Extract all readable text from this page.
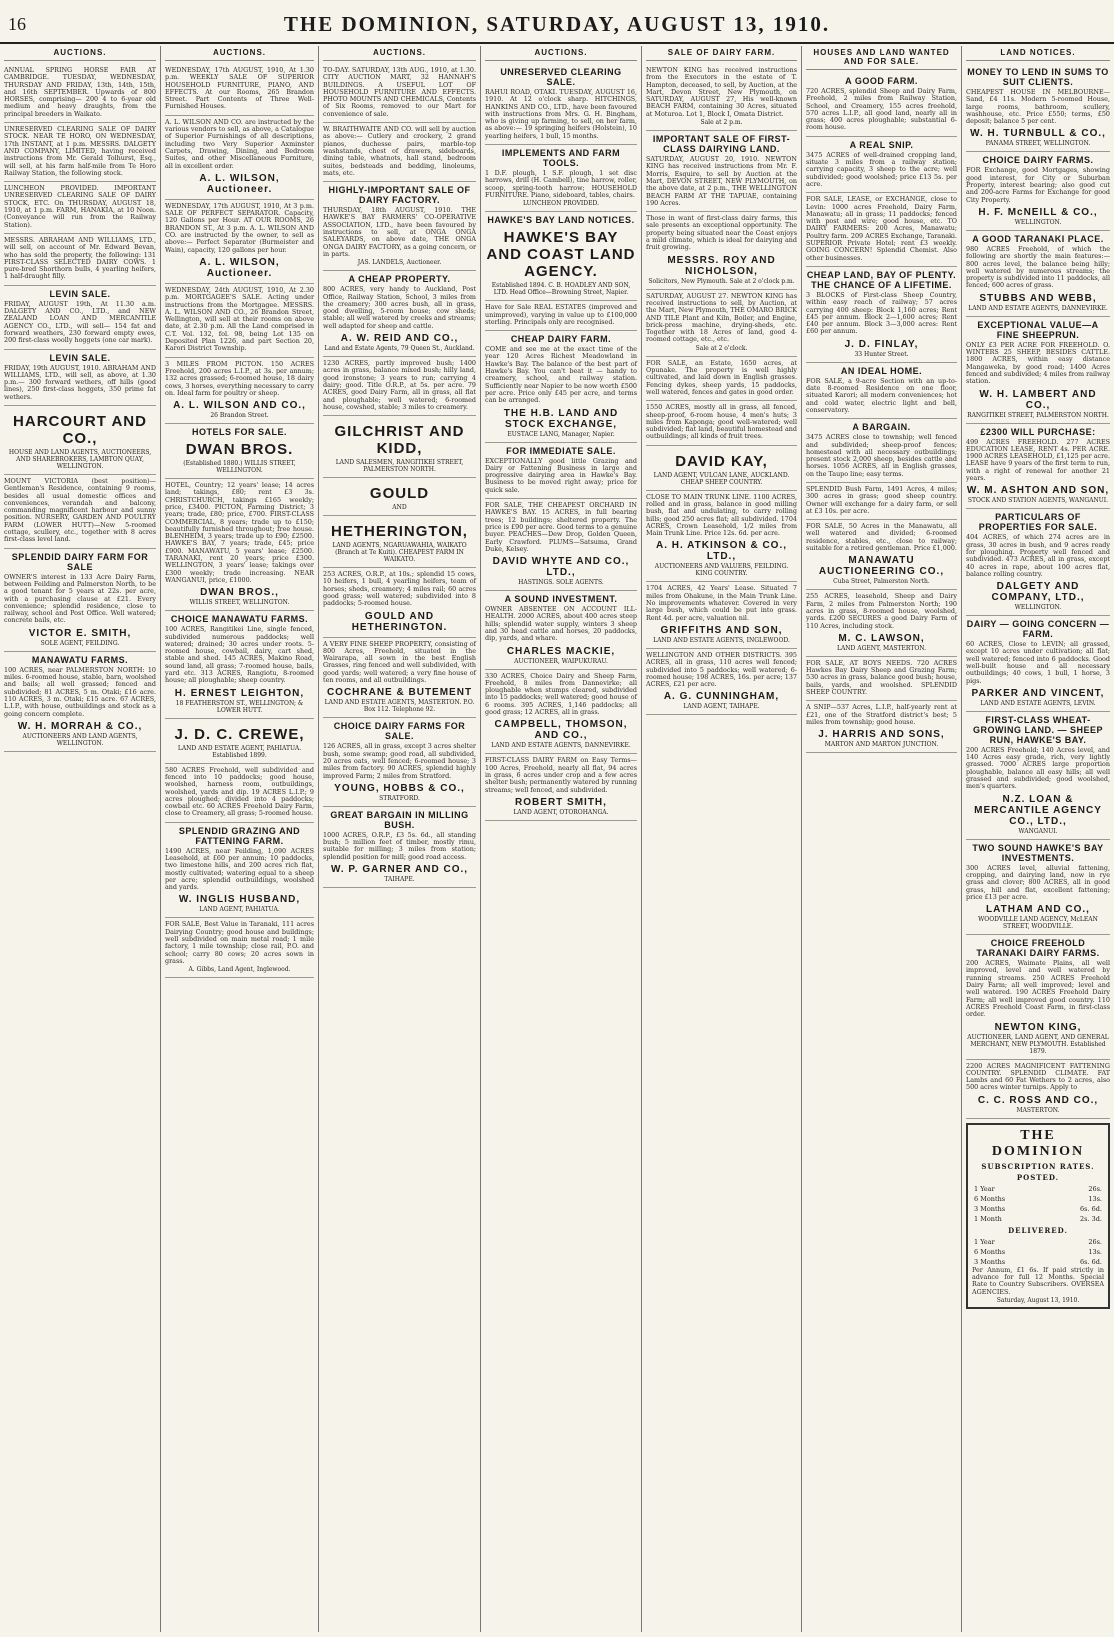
16	THE DOMINION, SATURDAY, AUGUST 13, 1910.
AUCTIONS.
ANNUAL SPRING HORSE FAIR AT CAMBRIDGE. TUESDAY, WEDNESDAY, THURSDAY AND FRIDAY, 13th, 14th, 15th, and 16th SEPTEMBER. Upwards of 800 HORSES, comprising— 200 4 to 6-year old medium and heavy draughts, from the principal breeders in Waikato.
UNRESERVED CLEARING SALE OF DAIRY STOCK. NEAR TE HORO, ON WEDNESDAY, 17th INSTANT, at 1 p.m. MESSRS. DALGETY AND COMPANY, LIMITED, having received instructions from Mr. Gerald Tolhurst, Esq., will sell, at his farm half-mile from Te Horo Railway Station, the following stock.
LUNCHEON PROVIDED. IMPORTANT UNRESERVED CLEARING SALE OF DAIRY STOCK, ETC. On THURSDAY, AUGUST 18, 1910, at 1 p.m. FARM, HANAKIA, at 10 Noon. (Conveyance will run from the Railway Station).
MESSRS. ABRAHAM AND WILLIAMS, LTD., will sell, on account of Mr. Edward Bevan, who has sold the property, the following: 131 FIRST-CLASS SELECTED DAIRY COWS. 1 pure-bred Shorthorn bulls, 4 yearling heifers, 1 half-draught filly.
LEVIN SALE.
FRIDAY, AUGUST 19th, At 11.30 a.m. DALGETY AND CO., LTD., and NEW ZEALAND LOAN AND MERCANTILE AGENCY CO., LTD., will sell— 154 fat and forward weathers, 230 forward empty ewes, 200 first-class woolly hoggets (one car mark).
LEVIN SALE.
FRIDAY, 19th AUGUST, 1910. ABRAHAM AND WILLIAMS, LTD., will sell, as above, at 1.30 p.m.— 300 forward wethers, off hills (good lines), 250 first-class hoggets, 350 prime fat wethers.
HARCOURT AND CO.,
HOUSE AND LAND AGENTS, AUCTIONEERS, AND SHAREBROKERS, LAMBTON QUAY, WELLINGTON.
MOUNT VICTORIA (best position)— Gentleman's Residence, containing 9 rooms, besides all usual domestic offices and conveniences, verandah and balcony, commanding magnificent harbour and sunny position. NURSERY, GARDEN AND POULTRY FARM (LOWER HUTT)—New 5-roomed cottage, scullery, etc., together with 8 acres first-class level land.
SPLENDID DAIRY FARM FOR SALE
OWNER'S interest in 133 Acre Dairy Farm, between Feilding and Palmerston North, to be a good tenant for 5 years at 22s. per acre, with a purchasing clause at £21. Every convenience; splendid residence, close to railway, school and Post Office. Well watered; concrete bails, etc.
VICTOR E. SMITH,
SOLE AGENT, FEILDING.
MANAWATU FARMS.
100 ACRES, near PALMERSTON NORTH: 10 miles. 6-roomed house, stable, barn, woolshed and bails; all well grassed; fenced and subdivided; 81 ACRES, 5 m. Otaki; £16 acre. 110 ACRES, 3 m. Otaki; £15 acre. 67 ACRES, L.I.P., with house, outbuildings and stock as a going concern complete.
W. H. MORRAH & CO.,
AUCTIONEERS AND LAND AGENTS, WELLINGTON.
AUCTIONS.
WEDNESDAY, 17th AUGUST, 1910, At 1.30 p.m. WEEKLY SALE OF SUPERIOR HOUSEHOLD FURNITURE, PIANO, AND EFFECTS. At our Rooms, 265 Brandon Street. Part Contents of Three Well-Furnished Houses.
A. L. WILSON AND CO. are instructed by the various vendors to sell, as above, a Catalogue of Superior Furnishings of all descriptions, including two Very Superior Axminster Carpets, Drawing, Dining, and Bedroom Suites, and other Miscellaneous Furniture, all in excellent order.
A. L. WILSON, Auctioneer.
WEDNESDAY, 17th AUGUST, 1910, At 3 p.m. SALE OF PERFECT SEPARATOR. Capacity, 120 Gallons per Hour. AT OUR ROOMS, 26 BRANDON ST., At 3 p.m. A. L. WILSON AND CO. are instructed by the owner, to sell as above:— Perfect Separator (Burmeister and Wain), capacity, 120 gallons per hour.
A. L. WILSON, Auctioneer.
WEDNESDAY, 24th AUGUST, 1910, At 2.30 p.m. MORTGAGEE'S SALE. Acting under instructions from the Mortgagee. MESSRS. A. L. WILSON AND CO., 26 Brandon Street, Wellington, will sell at their rooms on above date, at 2.30 p.m. All the Land comprised in C.T. Vol. 132, fol. 98, being Lot 135 on Deposited Plan 1226, and part Section 20, Karori District Township.
3 MILES FROM PICTON. 150 ACRES Freehold, 200 acres L.I.P., at 3s. per annum; 132 acres grassed; 6-roomed house, 18 dairy cows, 3 horses, everything necessary to carry on. Ideal farm for poultry or sheep.
A. L. WILSON AND CO.,
26 Brandon Street.
HOTELS FOR SALE.
DWAN BROS.
(Established 1880.) WILLIS STREET, WELLINGTON.
HOTEL, Country; 12 years' lease; 14 acres land; takings, £80; rent £3 3s. CHRISTCHURCH, takings £165 weekly; price, £3400. PICTON, Farming District; 3 years; trade, £80; price, £700. FIRST-CLASS COMMERCIAL, 8 years; trade up to £150; beautifully furnished throughout; free house. BLENHEIM, 3 years; trade up to £90; £2500. HAWKE'S BAY, 7 years; trade, £45; price £900. MANAWATU, 5 years' lease; £2500. TARANAKI, rent 20 years; price £300. WELLINGTON, 3 years' lease; takings over £300 weekly; trade increasing. NEAR WANGANUI, price, £1000.
DWAN BROS.,
WILLIS STREET, WELLINGTON.
CHOICE MANAWATU FARMS.
100 ACRES, Rangitikei Line, single fenced, subdivided numerous paddocks; well watered; drained; 30 acres under roots. 5-roomed house, cowbail, dairy, cart shed, stable and shed. 145 ACRES, Makino Road, sound land, all grass; 7-roomed house, bails, yard etc. 313 ACRES, Rangiotu, 8-roomed house; all ploughable; sheep country.
H. ERNEST LEIGHTON,
18 FEATHERSTON ST., WELLINGTON; & LOWER HUTT.
J. D. C. CREWE,
LAND AND ESTATE AGENT, PAHIATUA. Established 1899.
580 ACRES Freehold, well subdivided and fenced into 10 paddocks; good house, woolshed, harness room, outbuildings, woolshed, yards and dip. 19 ACRES L.I.P.; 9 acres ploughed; divided into 4 paddocks; cowbail etc. 60 ACRES Freehold Dairy Farm, close to Creamery, all grass; 5-roomed house.
SPLENDID GRAZING AND FATTENING FARM.
1490 ACRES, near Feilding, 1,090 ACRES Leasehold, at £60 per annum; 10 paddocks, two limestone hills, and 200 acres rich flat, mostly cultivated; watering equal to a sheep per acre; splendid outbuildings, woolshed and yards.
W. INGLIS HUSBAND,
LAND AGENT, PAHIATUA.
FOR SALE, Best Value in Taranaki, 111 acres Dairying Country; good house and buildings; well subdivided on main metal road; 1 mile factory, 1 mile township; close rail, P.O. and school; carry 80 cows; 20 acres sown in grass.
A. Gibbs, Land Agent, Inglewood.
AUCTIONS.
TO-DAY. SATURDAY, 13th AUG., 1910, at 1.30. CITY AUCTION MART, 32 HANNAH'S BUILDINGS. A USEFUL LOT OF HOUSEHOLD FURNITURE AND EFFECTS. PHOTO MOUNTS AND CHEMICALS, Contents of Six Rooms, removed to our Mart for convenience of sale.
W. BRAITHWAITE AND CO. will sell by auction as above:— Cutlery and crockery, 2 grand pianos, duchesse pairs, marble-top washstands, chest of drawers, sideboards, dining table, whatnots, hall stand, bedroom suites, bedsteads and bedding, linoleums, mats, etc.
HIGHLY-IMPORTANT SALE OF DAIRY FACTORY.
THURSDAY, 18th AUGUST, 1910. THE HAWKE'S BAY FARMERS' CO-OPERATIVE ASSOCIATION, LTD., have been favoured by instructions to sell, at ONGA ONGA SALEYARDS, on above date, THE ONGA ONGA DAIRY FACTORY, as a going concern, or in parts.
JAS. LANDELS, Auctioneer.
A CHEAP PROPERTY.
800 ACRES, very handy to Auckland, Post Office, Railway Station, School, 3 miles from the creamery; 300 acres bush, all in grass, good dwelling, 5-room house; cow sheds; stable; all well watered by creeks and streams; well adapted for sheep and cattle.
A. W. REID AND CO.,
Land and Estate Agents, 79 Queen St., Auckland.
1230 ACRES, partly improved bush; 1400 acres in grass, balance mixed bush; hilly land, good ironstone; 3 years to run; carrying 4 dairy; good. Title O.R.P., at 5s. per acre. 79 ACRES, good Dairy Farm, all in grass, all flat and ploughable; well watered; 6-roomed house, cowshed, stable; 3 miles to creamery.
GILCHRIST AND KIDD,
LAND SALESMEN, RANGITIKEI STREET, PALMERSTON NORTH.
GOULD
AND
HETHERINGTON,
LAND AGENTS, NGARUAWAHIA, WAIKATO (Branch at Te Kuiti). CHEAPEST FARM IN WAIKATO.
253 ACRES, O.R.P., at 10s.; splendid 15 cows, 10 heifers, 1 bull, 4 yearling heifers, team of horses; sheds, creamery; 4 miles rail; 60 acres good grass; well watered; subdivided into 8 paddocks; 5-roomed house.
GOULD AND HETHERINGTON.
A VERY FINE SHEEP PROPERTY, consisting of 800 Acres, Freehold, situated in the Wairarapa, all sown in the best English Grasses, ring fenced and well subdivided, with good yards; well watered; a very fine house of ten rooms, and all outbuildings.
COCHRANE & BUTEMENT
LAND AND ESTATE AGENTS, MASTERTON. P.O. Box 112. Telephone 92.
CHOICE DAIRY FARMS FOR SALE.
126 ACRES, all in grass, except 3 acres shelter bush, some swamp; good road, all subdivided, 20 acres oats, well fenced; 6-roomed house; 3 miles from factory. 90 ACRES, splendid highly improved Farm; 2 miles from Stratford.
YOUNG, HOBBS & CO.,
STRATFORD.
GREAT BARGAIN IN MILLING BUSH.
1000 ACRES, O.R.P., £3 5s. 6d., all standing bush; 5 million feet of timber, mostly rimu, suitable for milling; 3 miles from station; splendid position for mill; good road access.
W. P. GARNER AND CO.,
TAIHAPE.
AUCTIONS.
UNRESERVED CLEARING SALE.
RAHUI ROAD, OTAKI. TUESDAY, AUGUST 16, 1910. At 12 o'clock sharp. HITCHINGS, HANKINS AND CO., LTD., have been favoured with instructions from Mrs. G. H. Bingham, who is giving up farming, to sell, on her farm, as above:— 19 springing heifers (Holstein), 10 yearling heifers, 1 bull, 15 months.
IMPLEMENTS AND FARM TOOLS.
1 D.F. plough, 1 S.F. plough, 1 set disc harrows, drill (H. Cambell), tine harrow, roller, scoop, spring-tooth harrow; HOUSEHOLD FURNITURE. Piano, sideboard, tables, chairs.
LUNCHEON PROVIDED.
HAWKE'S BAY LAND NOTICES.
HAWKE'S BAY AND COAST LAND AGENCY.
Established 1894. C. B. HOADLEY AND SON, LTD. Head Office—Browning Street, Napier.
Have for Sale REAL ESTATES (improved and unimproved), varying in value up to £100,000 sterling. Principals only are recognised.
CHEAP DAIRY FARM.
COME and see me at the exact time of the year 120 Acres Richest Meadowland in Hawke's Bay. The balance of the best part of Hawke's Bay. You can't beat it — handy to creamery, school, and railway station. Sufficiently near Napier to be now worth £500 per acre. Price only £45 per acre, and terms can be arranged.
THE H.B. LAND AND STOCK EXCHANGE,
EUSTACE LANG, Manager, Napier.
FOR IMMEDIATE SALE.
EXCEPTIONALLY good little Grazing and Dairy or Fattening Business in large and progressive dairying area in Hawke's Bay. Business to be moved right away; price for quick sale.
FOR SALE, THE CHEAPEST ORCHARD IN HAWKE'S BAY. 15 ACRES, in full bearing trees; 12 buildings; sheltered property. The price is £90 per acre. Good terms to a genuine buyer. PEACHES—Dew Drop, Golden Queen, Early Crawford. PLUMS—Satsuma, Grand Duke, Kelsey.
DAVID WHYTE AND CO., LTD.,
HASTINGS. SOLE AGENTS.
A SOUND INVESTMENT.
OWNER ABSENTEE ON ACCOUNT ILL-HEALTH. 2000 ACRES, about 400 acres steep hills; splendid water supply, winters 3 sheep and 30 head cattle and horses, 20 paddocks, dip, yards, and whare.
CHARLES MACKIE,
AUCTIONEER, WAIPUKURAU.
330 ACRES, Choice Dairy and Sheep Farm, Freehold, 8 miles from Dannevirke; all ploughable when stumps cleared, subdivided into 15 paddocks; well watered; good house of 6 rooms. 395 ACRES, 1,146 paddocks; all good grass; 12 ACRES, all in grass.
CAMPBELL, THOMSON, AND CO.,
LAND AND ESTATE AGENTS, DANNEVIRKE.
FIRST-CLASS DAIRY FARM on Easy Terms—100 Acres, Freehold, nearly all flat, 94 acres in grass, 6 acres under crop and a few acres shelter bush; permanently watered by running streams; well fenced, and subdivided.
ROBERT SMITH,
LAND AGENT, OTOROHANGA.
SALE OF DAIRY FARM.
NEWTON KING has received instructions from the Executors in the estate of T. Hampton, deceased, to sell, by Auction, at the Mart, Devon Street, New Plymouth, on SATURDAY, AUGUST 27, His well-known BEACH FARM, containing 30 Acres, situated at Moturoa. Lot 1, Block I, Omata District.
Sale at 2 p.m.
IMPORTANT SALE OF FIRST-CLASS DAIRYING LAND.
SATURDAY, AUGUST 20, 1910. NEWTON KING has received instructions from Mr. F. Morris, Esquire, to sell by Auction at the Mart, DEVON STREET, NEW PLYMOUTH, on the above date, at 2 p.m., THE WELLINGTON BEACH FARM AT THE TAPUAE, containing 190 Acres.
Those in want of first-class dairy farms, this sale presents an exceptional opportunity. The property being situated near the Coast enjoys a mild climate, which is ideal for dairying and fruit growing.
MESSRS. ROY AND NICHOLSON,
Solicitors, New Plymouth. Sale at 2 o'clock p.m.
SATURDAY, AUGUST 27. NEWTON KING has received instructions to sell, by Auction, at the Mart, New Plymouth, THE OMARO BRICK AND TILE Plant and Kiln, Boiler, and Engine, brick-press machine, drying-sheds, etc. Together with 18 Acres of land, good 4-roomed cottage, etc., etc.
Sale at 2 o'clock.
FOR SALE, an Estate, 1650 acres, at Opunake. The property is well highly cultivated, and laid down in English grasses. Fencing dykes, sheep yards, 15 paddocks, well watered, fences and gates in good order.
1550 ACRES, mostly all in grass, all fenced, sheep-proof, 6-room house, 4 men's huts; 3 miles from Kaponga; good well-watered; well subdivided; flat land, beautiful homestead and outbuildings; all kinds of fruit trees.
DAVID KAY,
LAND AGENT, VULCAN LANE, AUCKLAND. CHEAP SHEEP COUNTRY.
CLOSE TO MAIN TRUNK LINE. 1100 ACRES, rolled and in grass, balance in good milling bush, flat and undulating, to carry rolling hills; good 250 acres flat; all subdivided. 1704 ACRES, Crown Leasehold, 1/2 miles from Main Trunk Line. Price 12s. 6d. per acre.
A. H. ATKINSON & CO., LTD.,
AUCTIONEERS AND VALUERS, FEILDING. KING COUNTRY.
1704 ACRES, 42 Years' Lease. Situated 7 miles from Ohakune, in the Main Trunk Line. No improvements whatever. Covered in very large bush, which could be put into grass. Rent 4d. per acre, valuation nil.
GRIFFITHS AND SON,
LAND AND ESTATE AGENTS, INGLEWOOD.
WELLINGTON AND OTHER DISTRICTS. 395 ACRES, all in grass, 110 acres well fenced; subdivided into 5 paddocks; well watered; 6-roomed house; 198 ACRES, 16s. per acre; 137 ACRES, £21 per acre.
A. G. CUNNINGHAM,
LAND AGENT, TAIHAPE.
HOUSES AND LAND WANTED AND FOR SALE.
A GOOD FARM.
720 ACRES, splendid Sheep and Dairy Farm, Freehold, 2 miles from Railway Station, School, and Creamery, 155 acres freehold, 570 acres L.I.P., all good land, nearly all in grass; 400 acres ploughable; substantial 6-room house.
A REAL SNIP.
3475 ACRES of well-drained cropping land, situate 3 miles from a railway station; carrying capacity, 3 sheep to the acre; well subdivided; good woolshed; price £13 5s. per acre.
FOR SALE, LEASE, or EXCHANGE, close to Levin: 1000 acres Freehold, Dairy Farm, Manawatu; all in grass; 11 paddocks; fenced with post and wire; good house, etc. TO DAIRY FARMERS: 200 Acres, Manawatu; Poultry farm. 209 ACRES Exchange, Taranaki. SUPERIOR Private Hotel; rent £3 weekly. GOING CONCERN! Splendid Chemist. Also other businesses.
CHEAP LAND, BAY OF PLENTY. THE CHANCE OF A LIFETIME.
3 BLOCKS of First-class Sheep Country, within easy reach of railway; 57 acres carrying 400 sheep: Block 1,160 acres; Rent £45 per annum. Block 2—1,600 acres; Rent £40 per annum. Block 3—3,000 acres: Rent £60 per annum.
J. D. FINLAY,
33 Hunter Street.
AN IDEAL HOME.
FOR SALE, a 9-acre Section with an up-to-date 8-roomed Residence on one floor, situated Karori; all modern conveniences; hot and cold water, electric light and bell, conservatory.
A BARGAIN.
3475 ACRES close to township; well fenced and subdivided; sheep-proof fences; homestead with all necessary outbuildings; present stock 2,000 sheep, besides cattle and horses. 1056 ACRES, all in English grasses, on the Taupo line; easy terms.
SPLENDID Bush Farm, 1491 Acres, 4 miles; 300 acres in grass; good sheep country. Owner will exchange for a dairy farm, or sell at £3 10s. per acre.
FOR SALE, 50 Acres in the Manawatu, all well watered and divided; 6-roomed residence, stables, etc., close to railway; suitable for a retired gentleman. Price £1,000.
MANAWATU AUCTIONEERING CO.,
Cuba Street, Palmerston North.
255 ACRES, leasehold, Sheep and Dairy Farm, 2 miles from Palmerston North; 190 acres in grass, 8-roomed house, woolshed, yards. £200 SECURES a good Dairy Farm of 110 Acres, including stock.
M. C. LAWSON,
LAND AGENT, MASTERTON.
FOR SALE, AT BOYS NEEDS. 720 ACRES Hawkes Bay Dairy Sheep and Grazing Farm; 530 acres in grass, balance good bush; house, bails, yards, and woolshed. SPLENDID SHEEP COUNTRY.
A SNIP—537 Acres, L.I.P., half-yearly rent at £21, one of the Stratford district's best; 5 miles from township; good house.
J. HARRIS AND SONS,
MARTON AND MARTON JUNCTION.
LAND NOTICES.
MONEY TO LEND IN SUMS TO SUIT CLIENTS.
CHEAPEST HOUSE IN MELBOURNE—Sand, £4 11s. Modern 5-roomed House, large rooms, bathroom, scullery, washhouse, etc. Price £550; terms, £50 deposit; balance 5 per cent.
W. H. TURNBULL & CO.,
PANAMA STREET, WELLINGTON.
CHOICE DAIRY FARMS.
FOR Exchange, good Mortgages, showing good interest, for City or Suburban Property, interest bearing; also good cut and 200-acre Farms for Exchange for good City Property.
H. F. McNEILL & CO.,
WELLINGTON.
A GOOD TARANAKI PLACE.
980 ACRES Freehold, of which the following are shortly the main features:— 800 acres level, the balance being hilly; well watered by numerous streams; the property is subdivided into 11 paddocks, all fenced; 600 acres of grass.
STUBBS AND WEBB,
LAND AND ESTATE AGENTS, DANNEVIRKE.
EXCEPTIONAL VALUE—A FINE SHEEPRUN.
ONLY £3 PER ACRE FOR FREEHOLD. O. WINTERS 25 SHEEP, BESIDES CATTLE. 1800 ACRES, within easy distance Mangaweka, by good road; 1400 Acres fenced and subdivided; 4 miles from railway station.
W. H. LAMBERT AND CO.,
RANGITIKEI STREET, PALMERSTON NORTH.
£2300 WILL PURCHASE:
499 ACRES FREEHOLD. 277 ACRES EDUCATION LEASE, RENT 4s. PER ACRE. 1900 ACRES LEASEHOLD, £1,125 per acre. LEASE have 9 years of the first term to run, with a right of renewal for another 21 years.
W. M. ASHTON AND SON,
STOCK AND STATION AGENTS, WANGANUI.
PARTICULARS OF PROPERTIES FOR SALE.
404 ACRES, of which 274 acres are in grass, 30 acres in bush, and 9 acres ready for ploughing. Property well fenced and subdivided. 473 ACRES, all in grass, except 40 acres in rape, about 100 acres flat, balance rolling country.
DALGETY AND COMPANY, LTD.,
WELLINGTON.
DAIRY — GOING CONCERN — FARM.
60 ACRES, Close to LEVIN; all grassed, except 10 acres under cultivation; all flat; well watered; fenced into 6 paddocks. Good well-built house and all necessary outbuildings; 40 cows, 1 bull, 1 horse, 3 pigs.
PARKER AND VINCENT,
LAND AND ESTATE AGENTS, LEVIN.
FIRST-CLASS WHEAT-GROWING LAND. — SHEEP RUN, HAWKE'S BAY.
200 ACRES Freehold; 140 Acres level, and 140 Acres easy grade, rich, very lightly grassed. 7000 ACRES large proportion ploughable, balance all easy hills; all well grassed and subdivided; good woolshed, men's quarters.
N.Z. LOAN & MERCANTILE AGENCY CO., LTD.,
WANGANUI.
TWO SOUND HAWKE'S BAY INVESTMENTS.
300 ACRES level, alluvial fattening, cropping, and dairying land, now in rye grass and clover; 800 ACRES, all in good grass, hill and flat, excellent fattening; price £13 per acre.
LATHAM AND CO.,
WOODVILLE LAND AGENCY, McLEAN STREET, WOODVILLE.
CHOICE FREEHOLD TARANAKI DAIRY FARMS.
200 ACRES, Waimate Plains, all well improved, level and well watered by running streams. 250 ACRES Freehold Dairy Farm; all well improved; level and well watered. 190 ACRES Freehold Dairy Farm; all well improved good country. 110 ACRES Freehold Coast Farm, in first-class order.
NEWTON KING,
AUCTIONEER, LAND AGENT, AND GENERAL MERCHANT, NEW PLYMOUTH. Established 1879.
2200 ACRES MAGNIFICENT FATTENING COUNTRY. SPLENDID CLIMATE. FAT Lambs and 60 Fat Wethers to 2 acres, also 500 acres winter turnips. Apply to
C. C. ROSS AND CO.,
MASTERTON.
THE DOMINION
SUBSCRIPTION RATES.
POSTED.
1 Year	26s.
6 Months	13s.
3 Months	6s. 6d.
1 Month	2s. 3d.
DELIVERED.
1 Year	26s.
6 Months	13s.
3 Months	6s. 6d.
Per Annum, £1 6s. If paid strictly in advance for full 12 Months. Special Rate to Country Subscribers. OVERSEA AGENCIES.
Saturday, August 13, 1910.
